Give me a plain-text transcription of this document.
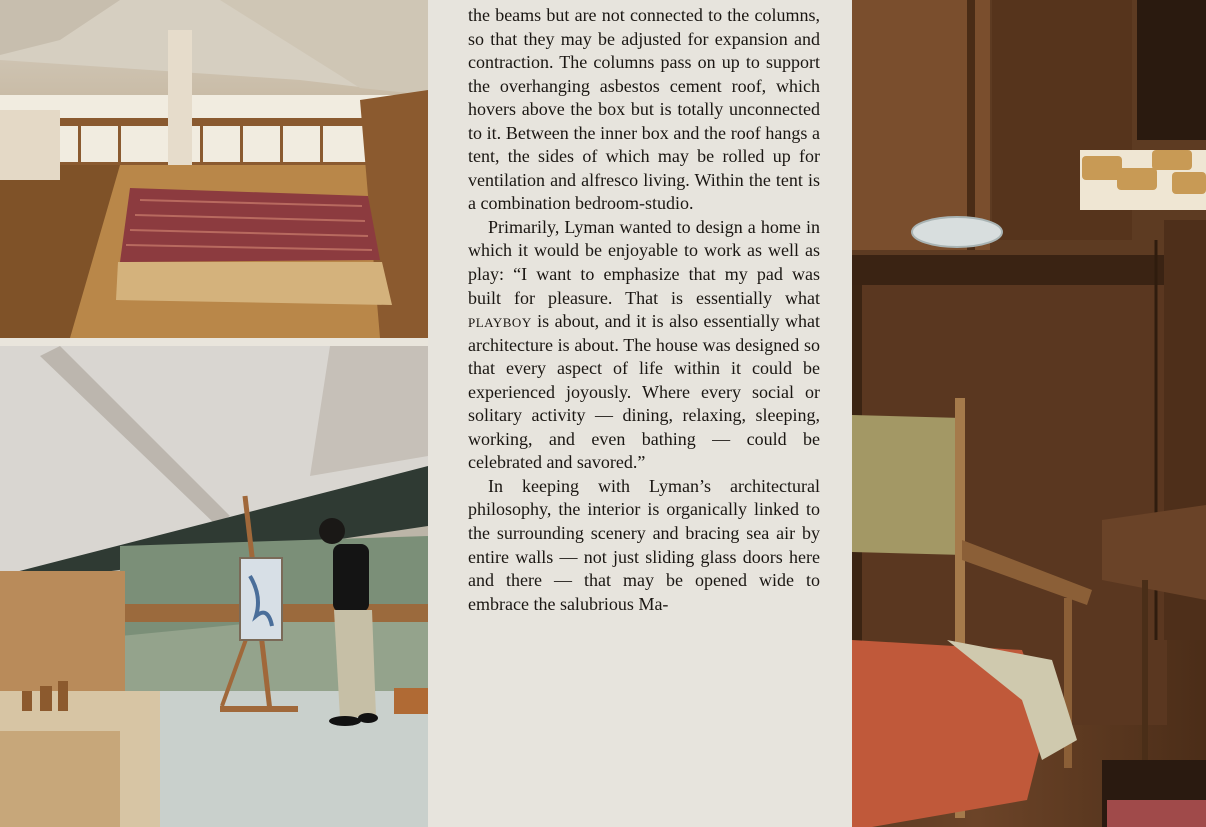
the beams but are not connected to the columns, so that they may be adjusted for expansion and contraction. The columns pass on up to support the overhanging asbestos cement roof, which hovers above the box but is totally unconnected to it. Between the inner box and the roof hangs a tent, the sides of which may be rolled up for ventilation and alfresco living. Within the tent is a combination bedroom-studio.

Primarily, Lyman wanted to design a home in which it would be enjoyable to work as well as play: “I want to emphasize that my pad was built for pleasure. That is essentially what playboy is about, and it is also essentially what architecture is about. The house was designed so that every aspect of life within it could be experienced joyously. Where every social or solitary activity — dining, relaxing, sleeping, working, and even bathing — could be celebrated and savored.”

In keeping with Lyman’s architectural philosophy, the interior is organically linked to the surrounding scenery and bracing sea air by entire walls — not just sliding glass doors here and there — that may be opened wide to embrace the salubrious Ma-
